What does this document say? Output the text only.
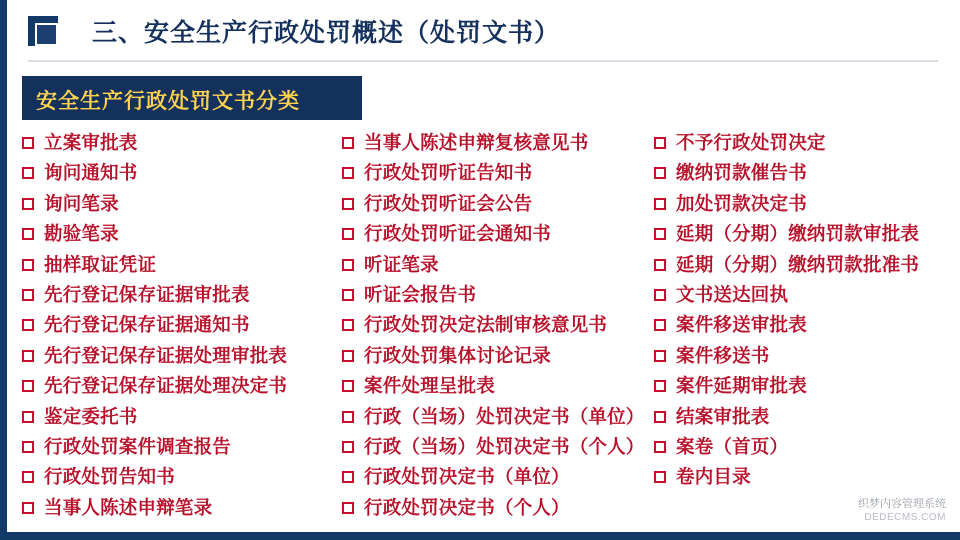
三、安全生产行政处罚概述（处罚文书）
安全生产行政处罚文书分类
立案审批表
询问通知书
询问笔录
勘验笔录
抽样取证凭证
先行登记保存证据审批表
先行登记保存证据通知书
先行登记保存证据处理审批表
先行登记保存证据处理决定书
鉴定委托书
行政处罚案件调查报告
行政处罚告知书
当事人陈述申辩笔录
当事人陈述申辩复核意见书
行政处罚听证告知书
行政处罚听证会公告
行政处罚听证会通知书
听证笔录
听证会报告书
行政处罚决定法制审核意见书
行政处罚集体讨论记录
案件处理呈批表
行政（当场）处罚决定书（单位）
行政（当场）处罚决定书（个人）
行政处罚决定书（单位）
行政处罚决定书（个人）
不予行政处罚决定
缴纳罚款催告书
加处罚款决定书
延期（分期）缴纳罚款审批表
延期（分期）缴纳罚款批准书
文书送达回执
案件移送审批表
案件移送书
案件延期审批表
结案审批表
案卷（首页）
卷内目录
织梦内容管理系统
DEDECMS.COM
